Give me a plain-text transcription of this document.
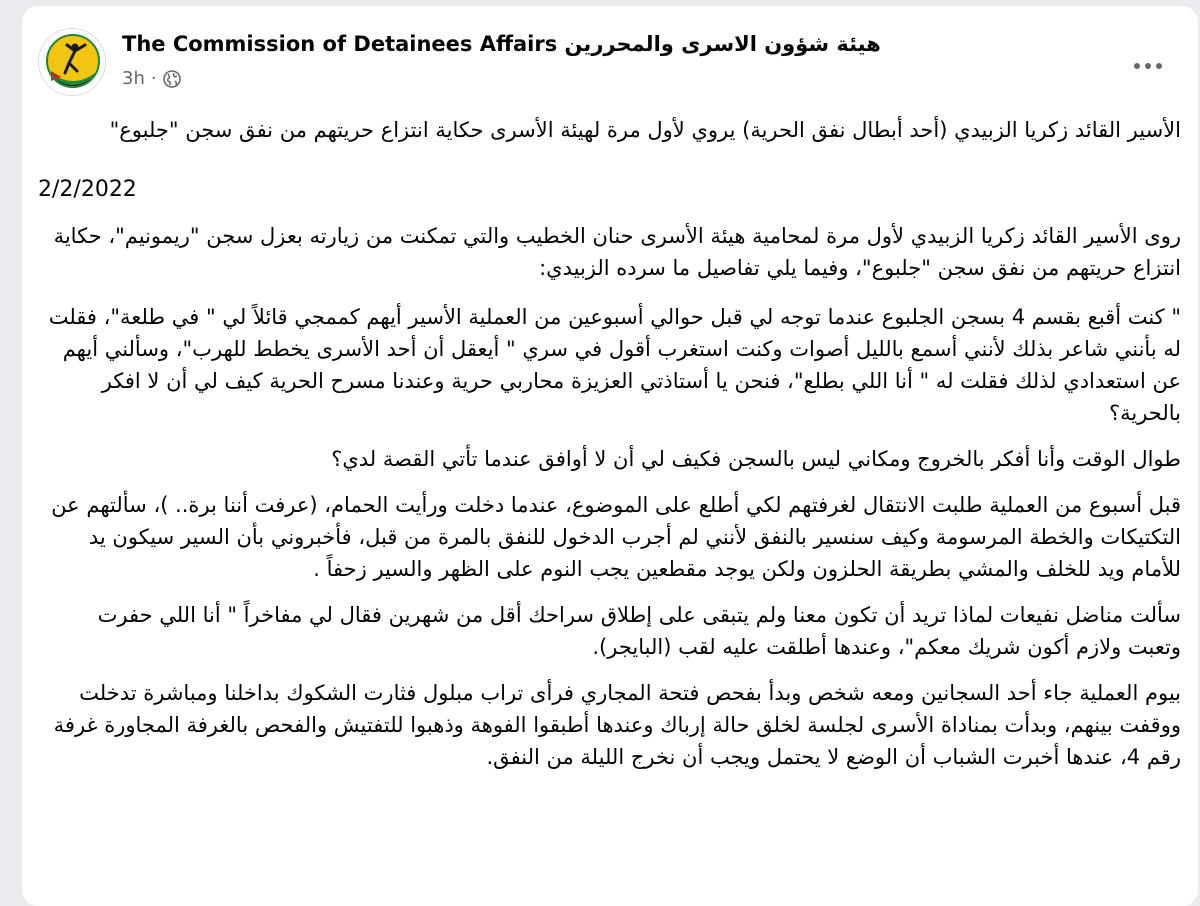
The Commission of Detainees Affairs هيئة شؤون الاسرى والمحررين
3h ·

الأسير القائد زكريا الزبيدي (أحد أبطال نفق الحرية) يروي لأول مرة لهيئة الأسرى حكاية انتزاع حريتهم من نفق سجن "جلبوع"

2/2/2022

روى الأسير القائد زكريا الزبيدي لأول مرة لمحامية هيئة الأسرى حنان الخطيب والتي تمكنت من زيارته بعزل سجن "ريمونيم"، حكاية انتزاع حريتهم من نفق سجن "جلبوع"، وفيما يلي تفاصيل ما سرده الزبيدي:

" كنت أقبع بقسم 4 بسجن الجلبوع عندما توجه لي قبل حوالي أسبوعين من العملية الأسير أيهم كممجي قائلاً لي " في طلعة"، فقلت له بأنني شاعر بذلك لأنني أسمع بالليل أصوات وكنت استغرب أقول في سري " أيعقل أن أحد الأسرى يخطط للهرب"، وسألني أيهم عن استعدادي لذلك فقلت له " أنا اللي بطلع"، فنحن يا أستاذتي العزيزة محاربي حرية وعندنا مسرح الحرية كيف لي أن لا افكر بالحرية؟

طوال الوقت وأنا أفكر بالخروج ومكاني ليس بالسجن فكيف لي أن لا أوافق عندما تأتي القصة لدي؟

قبل أسبوع من العملية طلبت الانتقال لغرفتهم لكي أطلع على الموضوع، عندما دخلت ورأيت الحمام، (عرفت أننا برة.. )، سألتهم عن التكتيكات والخطة المرسومة وكيف سنسير بالنفق لأنني لم أجرب الدخول للنفق بالمرة من قبل، فأخبروني بأن السير سيكون يد للأمام ويد للخلف والمشي بطريقة الحلزون ولكن يوجد مقطعين يجب النوم على الظهر والسير زحفاً .

سألت مناضل نفيعات لماذا تريد أن تكون معنا ولم يتبقى على إطلاق سراحك أقل من شهرين فقال لي مفاخراً " أنا اللي حفرت وتعبت ولازم أكون شريك معكم"، وعندها أطلقت عليه لقب (البايجر).

بيوم العملية جاء أحد السجانين ومعه شخص وبدأ بفحص فتحة المجاري فرأى تراب مبلول فثارت الشكوك بداخلنا ومباشرة تدخلت ووقفت بينهم، وبدأت بمناداة الأسرى لجلسة لخلق حالة إرباك وعندها أطبقوا الفوهة وذهبوا للتفتيش والفحص بالغرفة المجاورة غرفة رقم 4، عندها أخبرت الشباب أن الوضع لا يحتمل ويجب أن نخرج الليلة من النفق.
